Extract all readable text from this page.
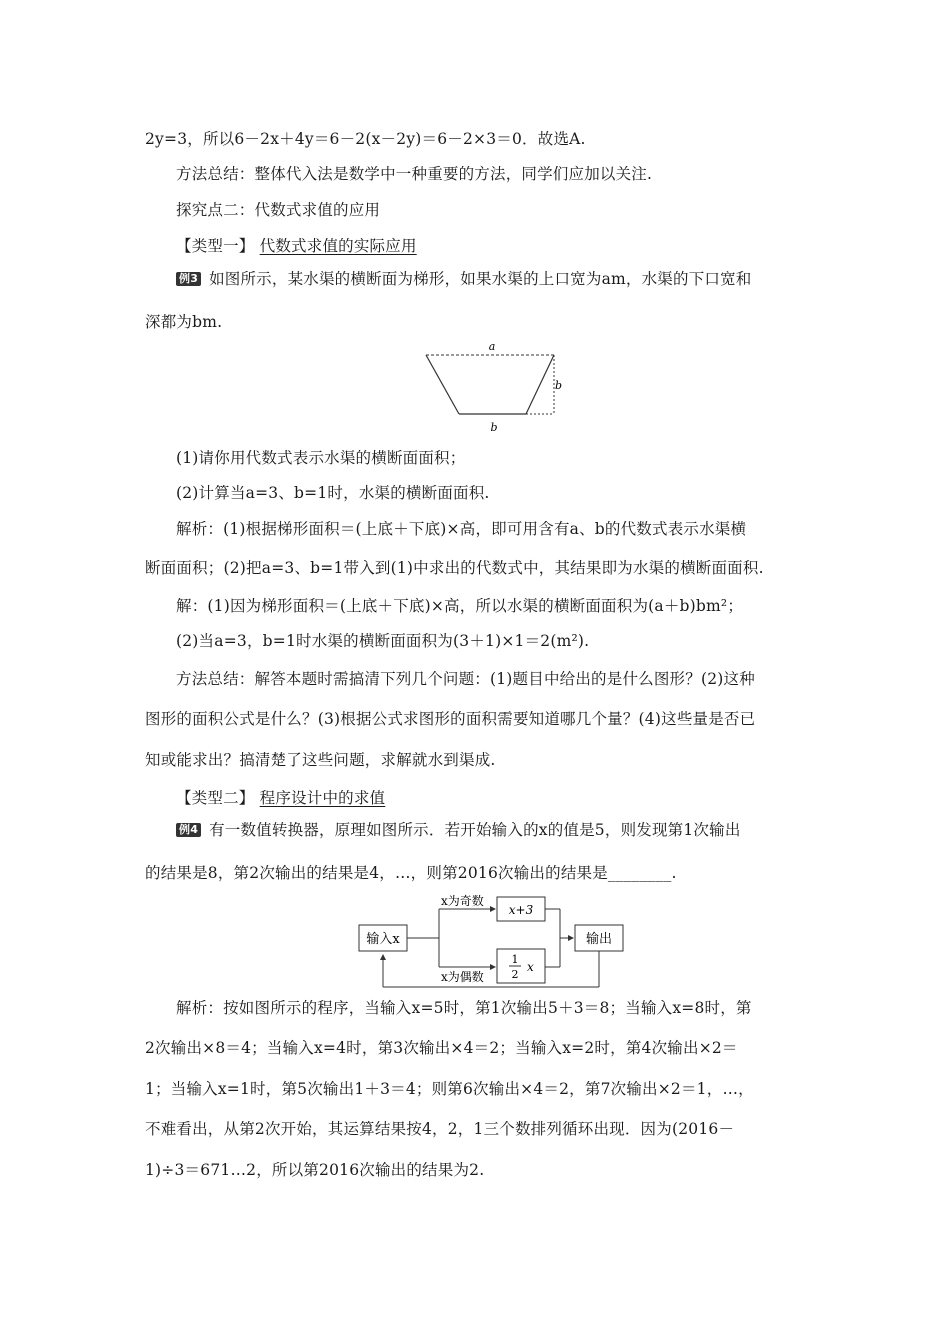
2y=3，所以6－2x＋4y＝6－2(x－2y)＝6－2×3＝0．故选A.
方法总结：整体代入法是数学中一种重要的方法，同学们应加以关注.
探究点二：代数式求值的应用
【类型一】 代数式求值的实际应用
例3 如图所示，某水渠的横断面为梯形，如果水渠的上口宽为am，水渠的下口宽和
深都为bm.
a
b
b
(1)请你用代数式表示水渠的横断面面积；
(2)计算当a=3、b=1时，水渠的横断面面积.
解析：(1)根据梯形面积＝(上底＋下底)×高，即可用含有a、b的代数式表示水渠横
断面面积；(2)把a=3、b=1带入到(1)中求出的代数式中，其结果即为水渠的横断面面积.
解：(1)因为梯形面积＝(上底＋下底)×高，所以水渠的横断面面积为(a＋b)bm²；
(2)当a=3，b=1时水渠的横断面面积为(3＋1)×1＝2(m²).
方法总结：解答本题时需搞清下列几个问题：(1)题目中给出的是什么图形？(2)这种
图形的面积公式是什么？(3)根据公式求图形的面积需要知道哪几个量？(4)这些量是否已
知或能求出？搞清楚了这些问题，求解就水到渠成.
【类型二】 程序设计中的求值
例4 有一数值转换器，原理如图所示．若开始输入的x的值是5，则发现第1次输出
的结果是8，第2次输出的结果是4，…，则第2016次输出的结果是________.
输入x
x为奇数
x为偶数
x+3
1
2
x
输出
解析：按如图所示的程序，当输入x=5时，第1次输出5＋3＝8；当输入x=8时，第
2次输出×8＝4；当输入x=4时，第3次输出×4＝2；当输入x=2时，第4次输出×2＝
1；当输入x=1时，第5次输出1＋3＝4；则第6次输出×4＝2，第7次输出×2＝1，…，
不难看出，从第2次开始，其运算结果按4，2，1三个数排列循环出现．因为(2016－
1)÷3＝671…2，所以第2016次输出的结果为2.
